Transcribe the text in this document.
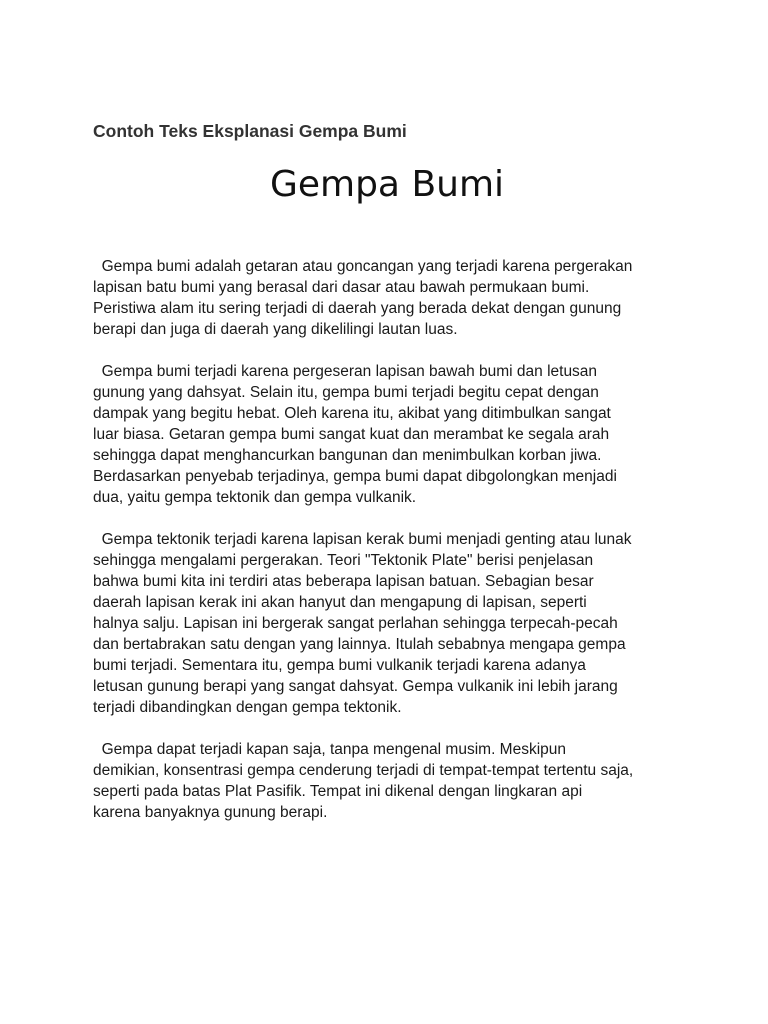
Contoh Teks Eksplanasi Gempa Bumi
Gempa Bumi

Gempa bumi adalah getaran atau goncangan yang terjadi karena pergerakan
lapisan batu bumi yang berasal dari dasar atau bawah permukaan bumi.
Peristiwa alam itu sering terjadi di daerah yang berada dekat dengan gunung
berapi dan juga di daerah yang dikelilingi lautan luas.

Gempa bumi terjadi karena pergeseran lapisan bawah bumi dan letusan
gunung yang dahsyat. Selain itu, gempa bumi terjadi begitu cepat dengan
dampak yang begitu hebat. Oleh karena itu, akibat yang ditimbulkan sangat
luar biasa. Getaran gempa bumi sangat kuat dan merambat ke segala arah
sehingga dapat menghancurkan bangunan dan menimbulkan korban jiwa.
Berdasarkan penyebab terjadinya, gempa bumi dapat dibgolongkan menjadi
dua, yaitu gempa tektonik dan gempa vulkanik.

Gempa tektonik terjadi karena lapisan kerak bumi menjadi genting atau lunak
sehingga mengalami pergerakan. Teori "Tektonik Plate" berisi penjelasan
bahwa bumi kita ini terdiri atas beberapa lapisan batuan. Sebagian besar
daerah lapisan kerak ini akan hanyut dan mengapung di lapisan, seperti
halnya salju. Lapisan ini bergerak sangat perlahan sehingga terpecah-pecah
dan bertabrakan satu dengan yang lainnya. Itulah sebabnya mengapa gempa
bumi terjadi. Sementara itu, gempa bumi vulkanik terjadi karena adanya
letusan gunung berapi yang sangat dahsyat. Gempa vulkanik ini lebih jarang
terjadi dibandingkan dengan gempa tektonik.

Gempa dapat terjadi kapan saja, tanpa mengenal musim. Meskipun
demikian, konsentrasi gempa cenderung terjadi di tempat-tempat tertentu saja,
seperti pada batas Plat Pasifik. Tempat ini dikenal dengan lingkaran api
karena banyaknya gunung berapi.
